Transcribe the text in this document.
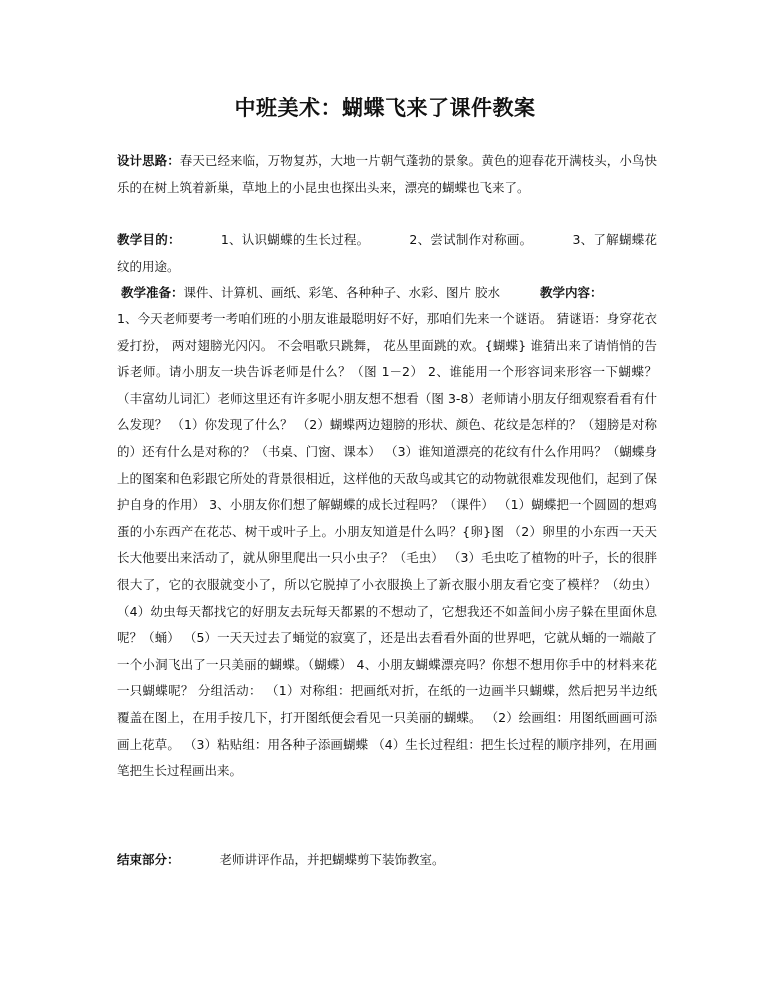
中班美术：蝴蝶飞来了课件教案

设计思路：春天已经来临，万物复苏，大地一片朝气蓬勃的景象。黄色的迎春花开满枝头，小鸟快乐的在树上筑着新巢，草地上的小昆虫也探出头来，漂亮的蝴蝶也飞来了。

教学目的：	1、认识蝴蝶的生长过程。	2、尝试制作对称画。	3、了解蝴蝶花纹的用途。

教学准备：课件、计算机、画纸、彩笔、各种种子、水彩、图片 胶水	教学内容：

1、今天老师要考一考咱们班的小朋友谁最聪明好不好，那咱们先来一个谜语。 猜谜语：身穿花衣爱打扮， 两对翅膀光闪闪。 不会唱歌只跳舞， 花丛里面跳的欢。{蝴蝶} 谁猜出来了请悄悄的告诉老师。请小朋友一块告诉老师是什么？（图 1－2） 2、谁能用一个形容词来形容一下蝴蝶？（丰富幼儿词汇）老师这里还有许多呢小朋友想不想看（图 3-8）老师请小朋友仔细观察看看有什么发现？ （1）你发现了什么？ （2）蝴蝶两边翅膀的形状、颜色、花纹是怎样的？（翅膀是对称的）还有什么是对称的？（书桌、门窗、课本） （3）谁知道漂亮的花纹有什么作用吗？（蝴蝶身上的图案和色彩跟它所处的背景很相近，这样他的天敌鸟或其它的动物就很难发现他们，起到了保护自身的作用） 3、小朋友你们想了解蝴蝶的成长过程吗？（课件） （1）蝴蝶把一个圆圆的想鸡蛋的小东西产在花芯、树干或叶子上。小朋友知道是什么吗？{卵}图 （2）卵里的小东西一天天长大他要出来活动了，就从卵里爬出一只小虫子？（毛虫） （3）毛虫吃了植物的叶子，长的很胖很大了，它的衣服就变小了，所以它脱掉了小衣服换上了新衣服小朋友看它变了模样？（幼虫） （4）幼虫每天都找它的好朋友去玩每天都累的不想动了，它想我还不如盖间小房子躲在里面休息呢？（蛹） （5）一天天过去了蛹觉的寂寞了，还是出去看看外面的世界吧，它就从蛹的一端敲了一个小洞飞出了一只美丽的蝴蝶。（蝴蝶） 4、小朋友蝴蝶漂亮吗？你想不想用你手中的材料来花一只蝴蝶呢？ 分组活动： （1）对称组：把画纸对折，在纸的一边画半只蝴蝶，然后把另半边纸覆盖在图上，在用手按几下，打开图纸便会看见一只美丽的蝴蝶。 （2）绘画组：用图纸画画可添画上花草。 （3）粘贴组：用各种子添画蝴蝶 （4）生长过程组：把生长过程的顺序排列，在用画笔把生长过程画出来。

结束部分：	老师讲评作品，并把蝴蝶剪下装饰教室。
